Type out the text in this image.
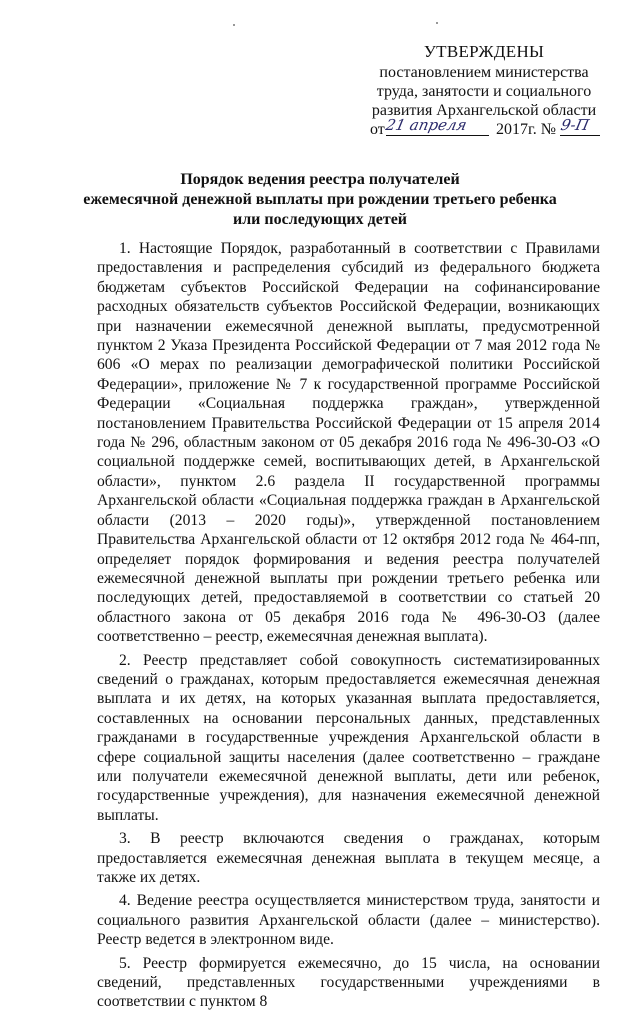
УТВЕРЖДЕНЫ
постановлением министерства
труда, занятости и социального
развития Архангельской области
от 21 апреля 2017г. № 9-П
Порядок ведения реестра получателей
ежемесячной денежной выплаты при рождении третьего ребенка
или последующих детей

1. Настоящие Порядок, разработанный в соответствии с Правилами предоставления и распределения субсидий из федерального бюджета бюджетам субъектов Российской Федерации на софинансирование расходных обязательств субъектов Российской Федерации, возникающих при назначении ежемесячной денежной выплаты, предусмотренной пунктом 2 Указа Президента Российской Федерации от 7 мая 2012 года № 606 «О мерах по реализации демографической политики Российской Федерации», приложение № 7 к государственной программе Российской Федерации «Социальная поддержка граждан», утвержденной постановлением Правительства Российской Федерации от 15 апреля 2014 года № 296, областным законом от 05 декабря 2016 года № 496-30-ОЗ «О социальной поддержке семей, воспитывающих детей, в Архангельской области», пунктом 2.6 раздела II государственной программы Архангельской области «Социальная поддержка граждан в Архангельской области (2013 – 2020 годы)», утвержденной постановлением Правительства Архангельской области от 12 октября 2012 года № 464-пп, определяет порядок формирования и ведения реестра получателей ежемесячной денежной выплаты при рождении третьего ребенка или последующих детей, предоставляемой в соответствии со статьей 20 областного закона от 05 декабря 2016 года № 496-30-ОЗ (далее соответственно – реестр, ежемесячная денежная выплата).

2. Реестр представляет собой совокупность систематизированных сведений о гражданах, которым предоставляется ежемесячная денежная выплата и их детях, на которых указанная выплата предоставляется, составленных на основании персональных данных, представленных гражданами в государственные учреждения Архангельской области в сфере социальной защиты населения (далее соответственно – граждане или получатели ежемесячной денежной выплаты, дети или ребенок, государственные учреждения), для назначения ежемесячной денежной выплаты.

3. В реестр включаются сведения о гражданах, которым предоставляется ежемесячная денежная выплата в текущем месяце, а также их детях.

4. Ведение реестра осуществляется министерством труда, занятости и социального развития Архангельской области (далее – министерство). Реестр ведется в электронном виде.

5. Реестр формируется ежемесячно, до 15 числа, на основании сведений, представленных государственными учреждениями в соответствии с пунктом 8
